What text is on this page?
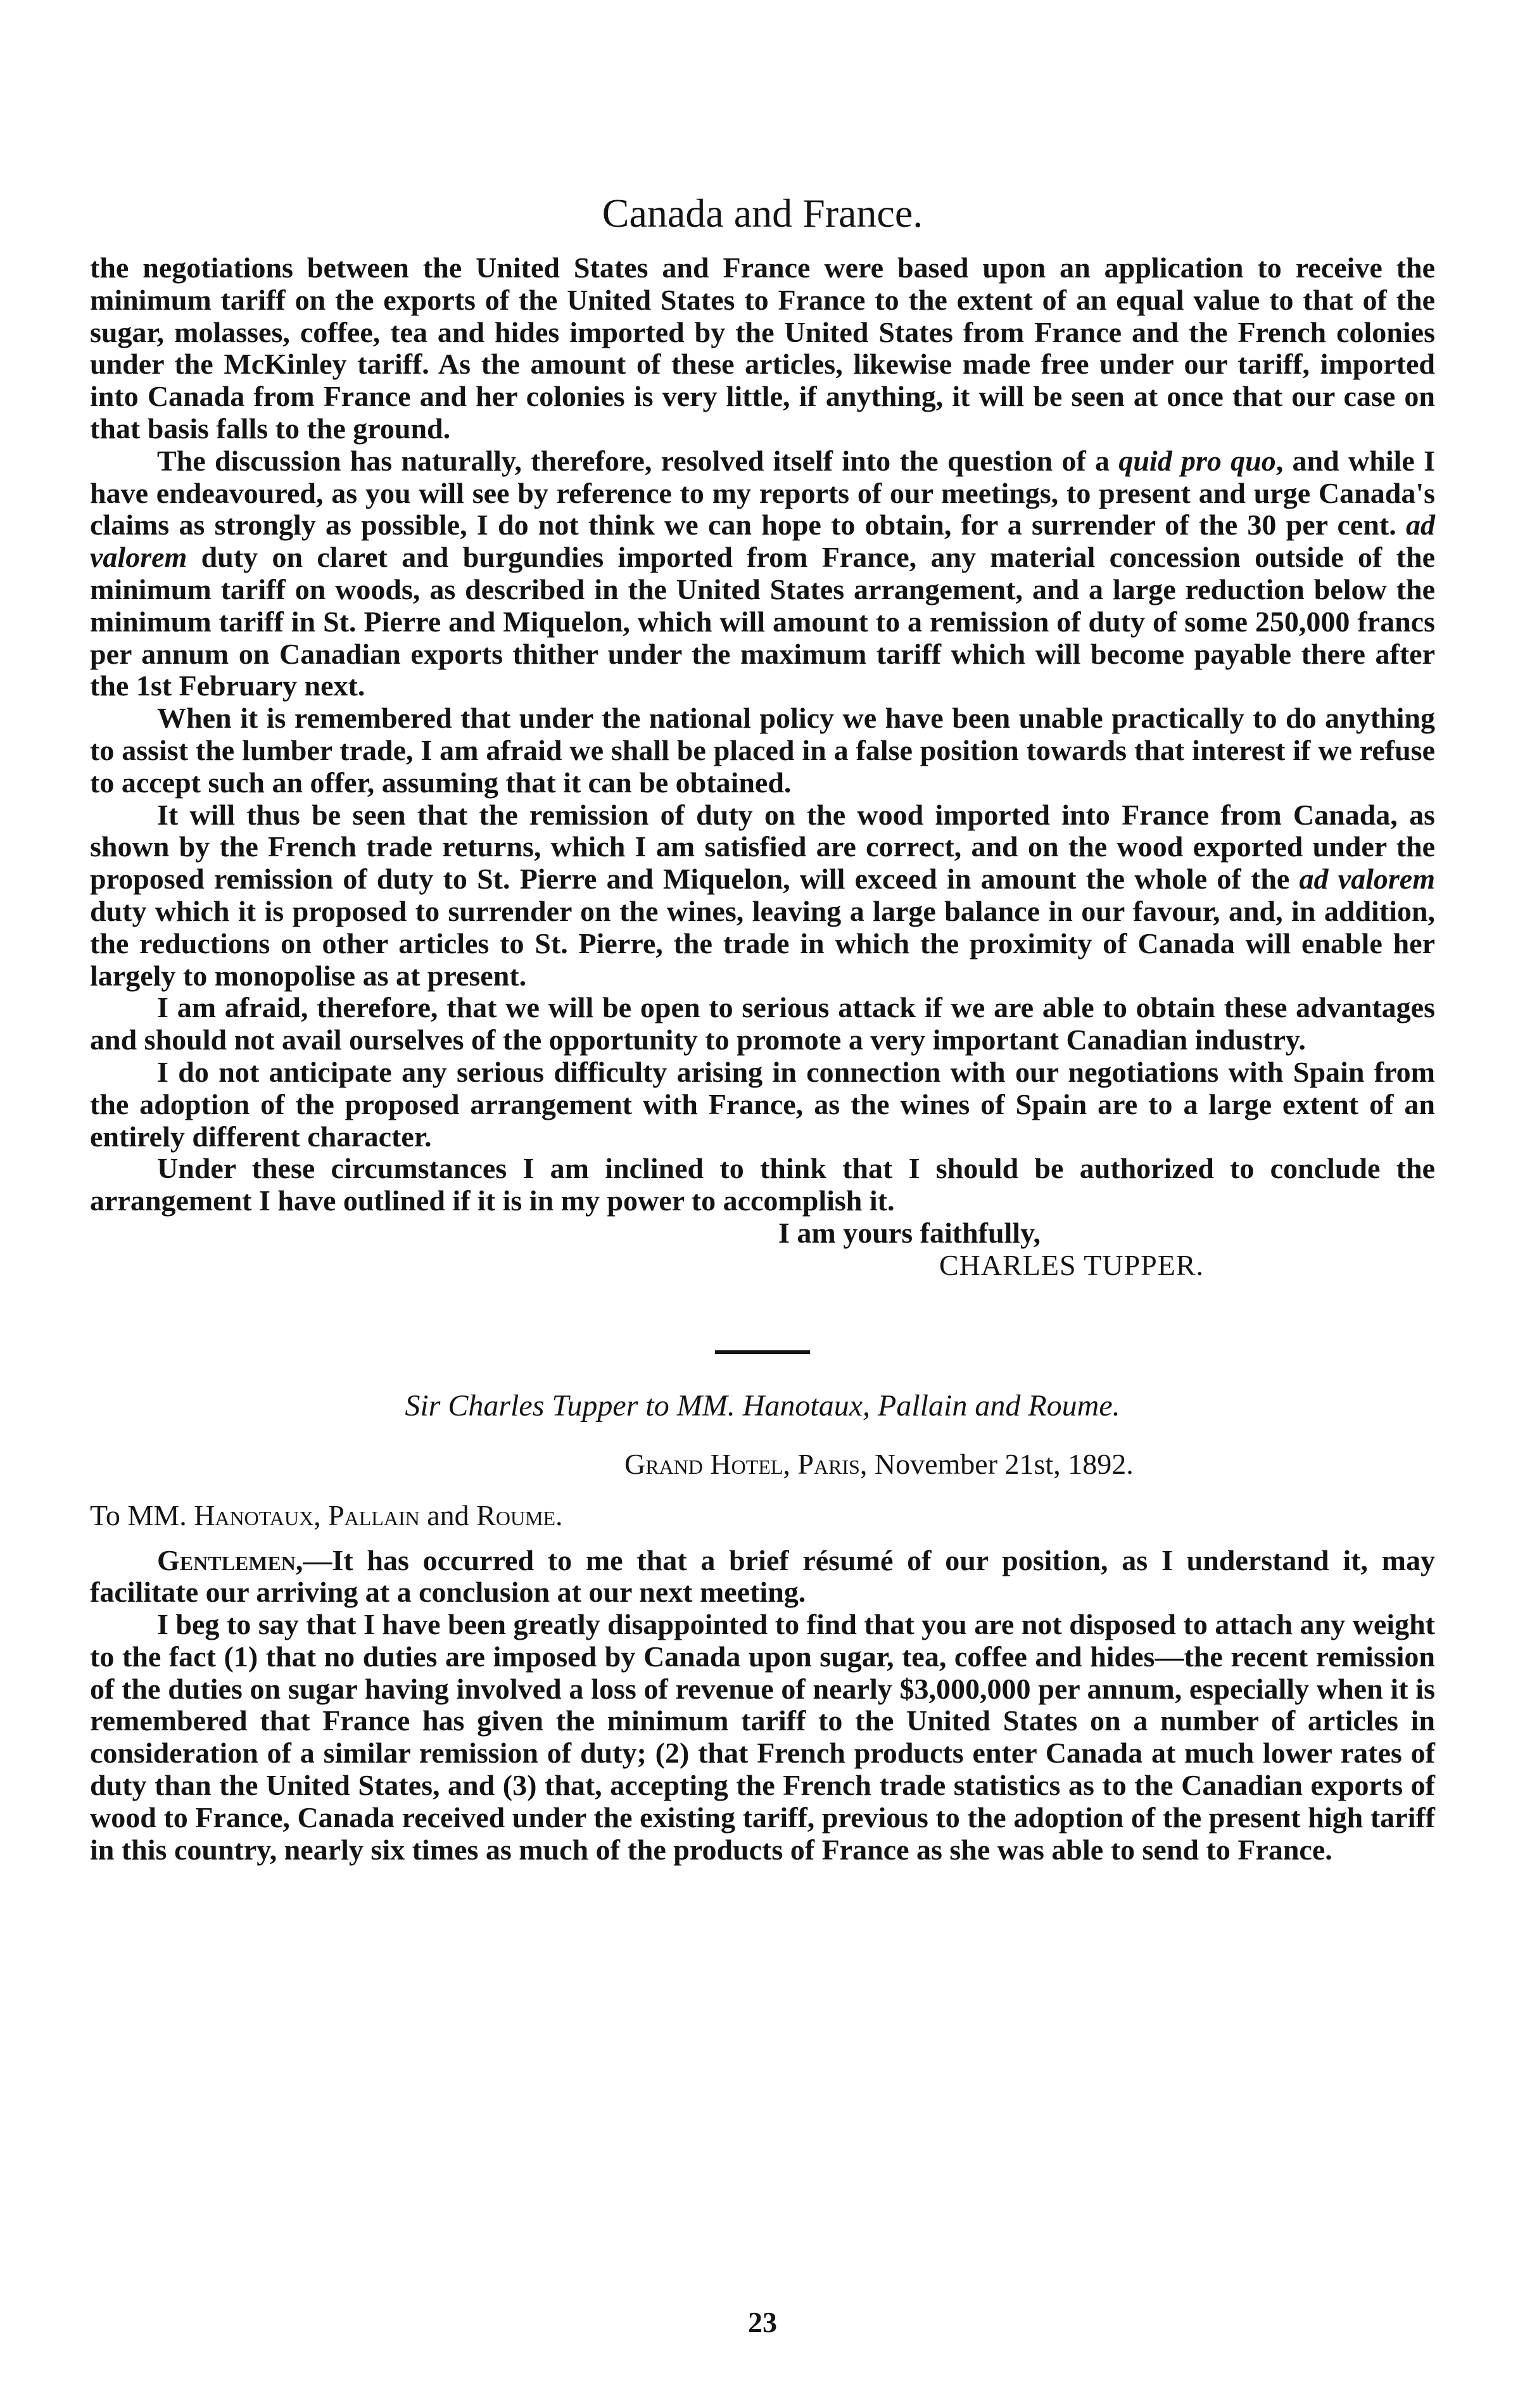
Canada and France.

the negotiations between the United States and France were based upon an application to receive the minimum tariff on the exports of the United States to France to the extent of an equal value to that of the sugar, molasses, coffee, tea and hides imported by the United States from France and the French colonies under the McKinley tariff. As the amount of these articles, likewise made free under our tariff, imported into Canada from France and her colonies is very little, if anything, it will be seen at once that our case on that basis falls to the ground.

The discussion has naturally, therefore, resolved itself into the question of a quid pro quo, and while I have endeavoured, as you will see by reference to my reports of our meetings, to present and urge Canada's claims as strongly as possible, I do not think we can hope to obtain, for a surrender of the 30 per cent. ad valorem duty on claret and burgundies imported from France, any material concession outside of the minimum tariff on woods, as described in the United States arrangement, and a large reduction below the minimum tariff in St. Pierre and Miquelon, which will amount to a remission of duty of some 250,000 francs per annum on Canadian exports thither under the maximum tariff which will become payable there after the 1st February next.

When it is remembered that under the national policy we have been unable practically to do anything to assist the lumber trade, I am afraid we shall be placed in a false position towards that interest if we refuse to accept such an offer, assuming that it can be obtained.

It will thus be seen that the remission of duty on the wood imported into France from Canada, as shown by the French trade returns, which I am satisfied are correct, and on the wood exported under the proposed remission of duty to St. Pierre and Miquelon, will exceed in amount the whole of the ad valorem duty which it is proposed to surrender on the wines, leaving a large balance in our favour, and, in addition, the reductions on other articles to St. Pierre, the trade in which the proximity of Canada will enable her largely to monopolise as at present.

I am afraid, therefore, that we will be open to serious attack if we are able to obtain these advantages and should not avail ourselves of the opportunity to promote a very important Canadian industry.

I do not anticipate any serious difficulty arising in connection with our negotiations with Spain from the adoption of the proposed arrangement with France, as the wines of Spain are to a large extent of an entirely different character.

Under these circumstances I am inclined to think that I should be authorized to conclude the arrangement I have outlined if it is in my power to accomplish it.

I am yours faithfully,
CHARLES TUPPER.
Sir Charles Tupper to MM. Hanotaux, Pallain and Roume.
Grand Hotel, Paris, November 21st, 1892.
To MM. Hanotaux, Pallain and Roume.

Gentlemen,—It has occurred to me that a brief résumé of our position, as I understand it, may facilitate our arriving at a conclusion at our next meeting.

I beg to say that I have been greatly disappointed to find that you are not disposed to attach any weight to the fact (1) that no duties are imposed by Canada upon sugar, tea, coffee and hides—the recent remission of the duties on sugar having involved a loss of revenue of nearly $3,000,000 per annum, especially when it is remembered that France has given the minimum tariff to the United States on a number of articles in consideration of a similar remission of duty; (2) that French products enter Canada at much lower rates of duty than the United States, and (3) that, accepting the French trade statistics as to the Canadian exports of wood to France, Canada received under the existing tariff, previous to the adoption of the present high tariff in this country, nearly six times as much of the products of France as she was able to send to France.

23
